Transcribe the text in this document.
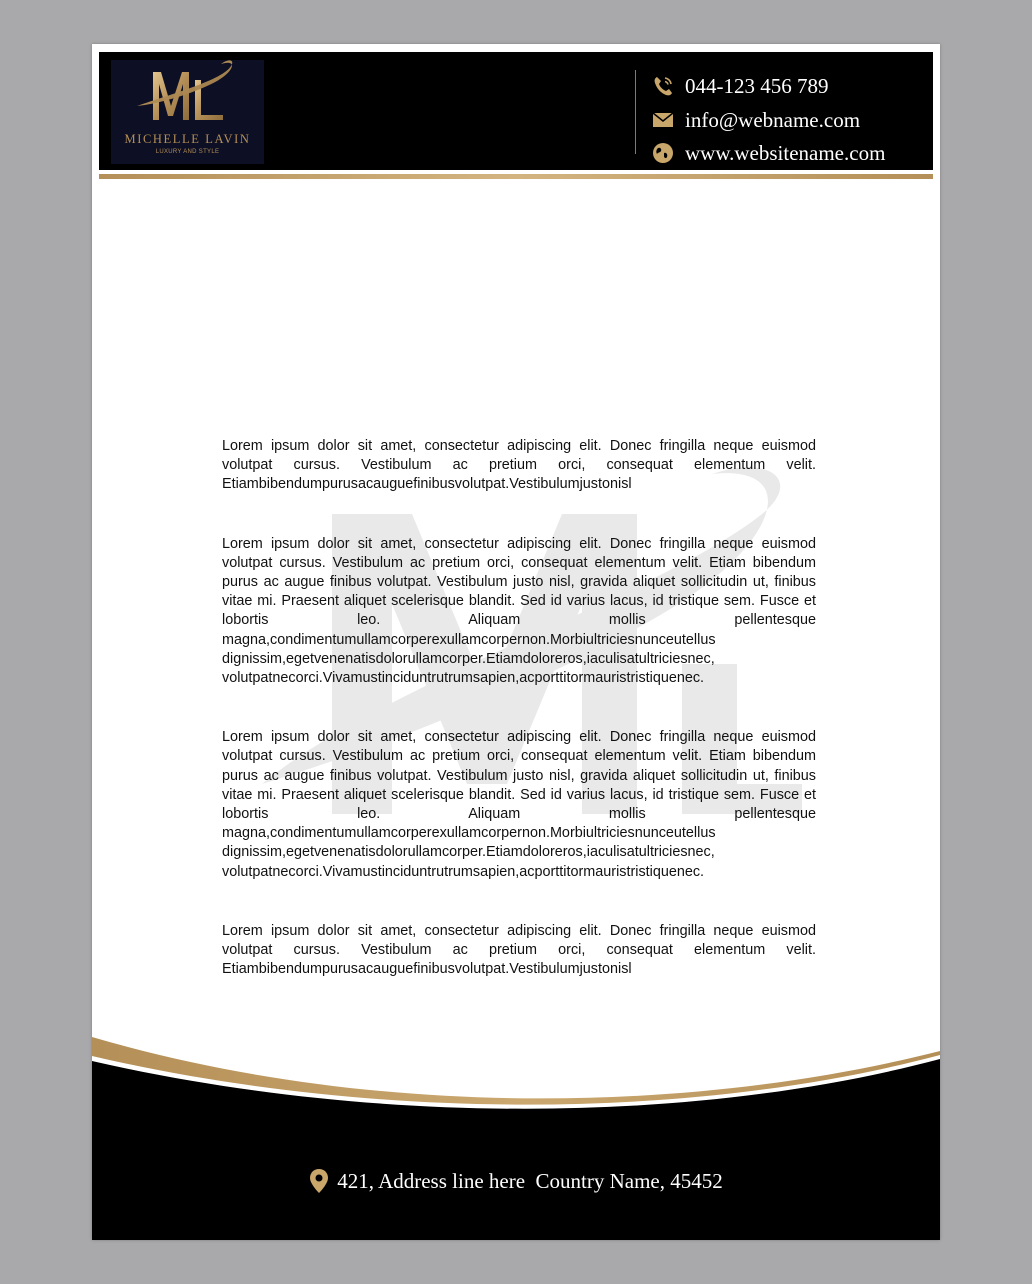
MICHELLE LAVIN
LUXURY AND STYLE
044-123 456 789
info@webname.com
www.websitename.com

Lorem ipsum dolor sit amet, consectetur adipiscing elit. Donec fringilla neque euismod volutpat cursus. Vestibulum ac pretium orci, consequat elementum velit. Etiambibendumpurusacauguefinibusvolutpat.Vestibulumjustonisl

Lorem ipsum dolor sit amet, consectetur adipiscing elit. Donec fringilla neque euismod volutpat cursus. Vestibulum ac pretium orci, consequat elementum velit. Etiam bibendum purus ac augue finibus volutpat. Vestibulum justo nisl, gravida aliquet sollicitudin ut, finibus vitae mi. Praesent aliquet scelerisque blandit. Sed id varius lacus, id tristique sem. Fusce et lobortis leo. Aliquam mollis pellentesque magna,condimentumullamcorperexullamcorpernon.Morbiultriciesnunceutellus dignissim,egetvenenatisdolorullamcorper.Etiamdoloreros,iaculisatultriciesnec, volutpatnecorci.Vivamustinciduntrutrumsapien,acporttitormauristristiquenec.

Lorem ipsum dolor sit amet, consectetur adipiscing elit. Donec fringilla neque euismod volutpat cursus. Vestibulum ac pretium orci, consequat elementum velit. Etiam bibendum purus ac augue finibus volutpat. Vestibulum justo nisl, gravida aliquet sollicitudin ut, finibus vitae mi. Praesent aliquet scelerisque blandit. Sed id varius lacus, id tristique sem. Fusce et lobortis leo. Aliquam mollis pellentesque magna,condimentumullamcorperexullamcorpernon.Morbiultriciesnunceutellus dignissim,egetvenenatisdolorullamcorper.Etiamdoloreros,iaculisatultriciesnec, volutpatnecorci.Vivamustinciduntrutrumsapien,acporttitormauristristiquenec.

Lorem ipsum dolor sit amet, consectetur adipiscing elit. Donec fringilla neque euismod volutpat cursus. Vestibulum ac pretium orci, consequat elementum velit. Etiambibendumpurusacauguefinibusvolutpat.Vestibulumjustonisl

421, Address line here  Country Name, 45452
